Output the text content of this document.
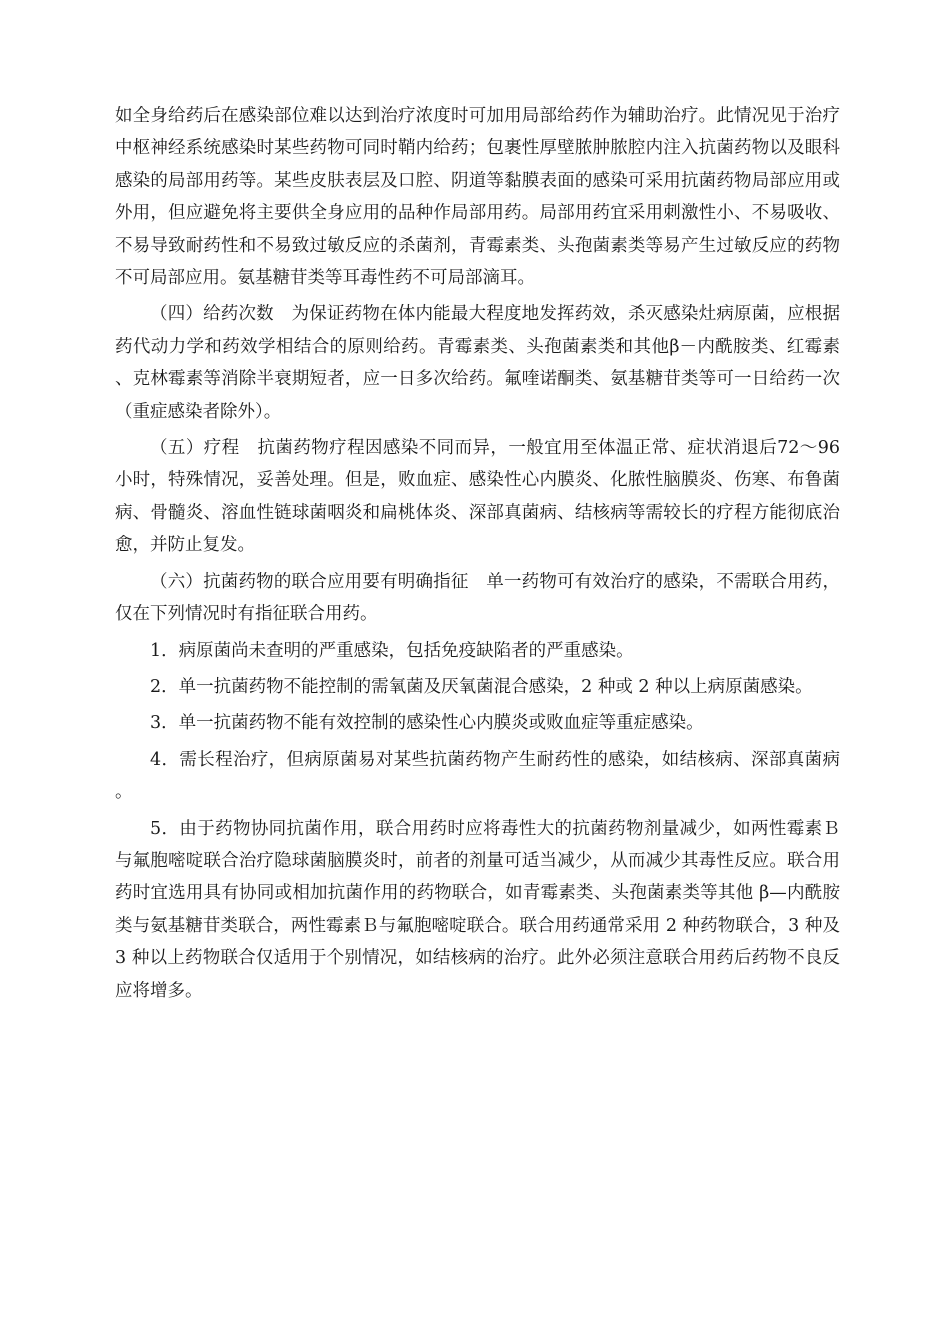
如全身给药后在感染部位难以达到治疗浓度时可加用局部给药作为辅助治疗。此情况见于治疗中枢神经系统感染时某些药物可同时鞘内给药；包裹性厚壁脓肿脓腔内注入抗菌药物以及眼科感染的局部用药等。某些皮肤表层及口腔、阴道等黏膜表面的感染可采用抗菌药物局部应用或外用，但应避免将主要供全身应用的品种作局部用药。局部用药宜采用刺激性小、不易吸收、不易导致耐药性和不易致过敏反应的杀菌剂，青霉素类、头孢菌素类等易产生过敏反应的药物不可局部应用。氨基糖苷类等耳毒性药不可局部滴耳。

（四）给药次数　为保证药物在体内能最大程度地发挥药效，杀灭感染灶病原菌，应根据药代动力学和药效学相结合的原则给药。青霉素类、头孢菌素类和其他β－内酰胺类、红霉素、克林霉素等消除半衰期短者，应一日多次给药。氟喹诺酮类、氨基糖苷类等可一日给药一次（重症感染者除外）。

（五）疗程　抗菌药物疗程因感染不同而异，一般宜用至体温正常、症状消退后72～96小时，特殊情况，妥善处理。但是，败血症、感染性心内膜炎、化脓性脑膜炎、伤寒、布鲁菌病、骨髓炎、溶血性链球菌咽炎和扁桃体炎、深部真菌病、结核病等需较长的疗程方能彻底治愈，并防止复发。

（六）抗菌药物的联合应用要有明确指征　单一药物可有效治疗的感染，不需联合用药，仅在下列情况时有指征联合用药。

1．病原菌尚未查明的严重感染，包括免疫缺陷者的严重感染。

2．单一抗菌药物不能控制的需氧菌及厌氧菌混合感染，2 种或 2 种以上病原菌感染。

3．单一抗菌药物不能有效控制的感染性心内膜炎或败血症等重症感染。

4．需长程治疗，但病原菌易对某些抗菌药物产生耐药性的感染，如结核病、深部真菌病。

5．由于药物协同抗菌作用，联合用药时应将毒性大的抗菌药物剂量减少，如两性霉素Ｂ与氟胞嘧啶联合治疗隐球菌脑膜炎时，前者的剂量可适当减少，从而减少其毒性反应。联合用药时宜选用具有协同或相加抗菌作用的药物联合，如青霉素类、头孢菌素类等其他 β—内酰胺类与氨基糖苷类联合，两性霉素Ｂ与氟胞嘧啶联合。联合用药通常采用 2 种药物联合，3 种及 3 种以上药物联合仅适用于个别情况，如结核病的治疗。此外必须注意联合用药后药物不良反应将增多。
